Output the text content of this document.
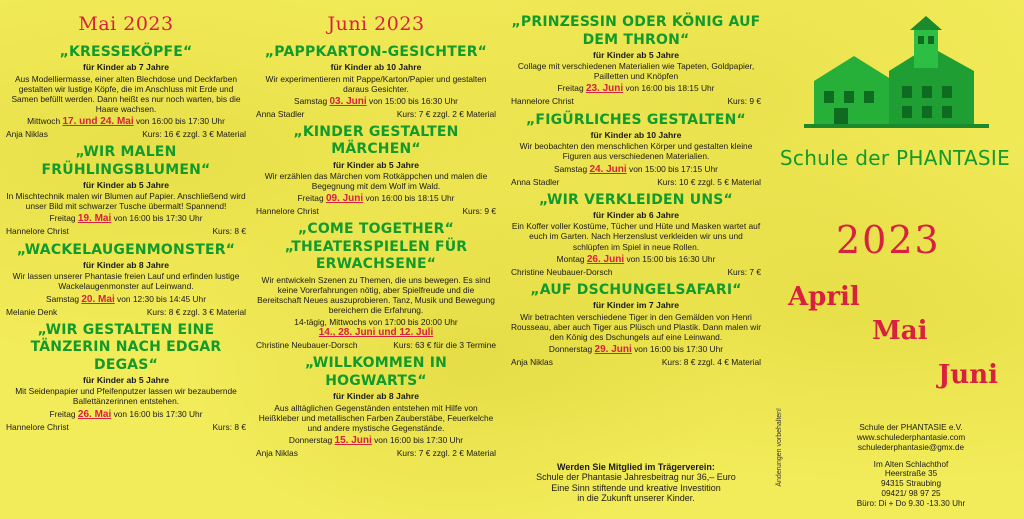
Mai 2023
„KRESSEKÖPFE“
für Kinder ab 7 Jahre
Aus Modelliermasse, einer alten Blechdose und Deckfarben gestalten wir lustige Köpfe, die im Anschluss mit Erde und Samen befüllt werden. Dann heißt es nur noch warten, bis die Haare wachsen.
Mittwoch 17. und 24. Mai von 16:00 bis 17:30 Uhr
Anja Niklas	Kurs: 16 € zzgl. 3 € Material
„WIR MALEN FRÜHLINGSBLUMEN“
für Kinder ab 5 Jahre
In Mischtechnik malen wir Blumen auf Papier. Anschließend wird unser Bild mit schwarzer Tusche übermalt! Spannend!
Freitag 19. Mai von 16:00 bis 17:30 Uhr
Hannelore Christ	Kurs: 8 €
„WACKELAUGENMONSTER“
für Kinder ab 8 Jahre
Wir lassen unserer Phantasie freien Lauf und erfinden lustige Wackelaugenmonster auf Leinwand.
Samstag 20. Mai von 12:30 bis 14:45 Uhr
Melanie Denk	Kurs: 8 € zzgl. 3 € Material
„WIR GESTALTEN EINE TÄNZERIN NACH EDGAR DEGAS“
für Kinder ab 5 Jahre
Mit Seidenpapier und Pfeifenputzer lassen wir bezaubernde Ballettänzerinnen entstehen.
Freitag 26. Mai von 16:00 bis 17:30 Uhr
Hannelore Christ	Kurs: 8 €
Juni 2023
„PAPPKARTON-GESICHTER“
für Kinder ab 10 Jahre
Wir experimentieren mit Pappe/Karton/Papier und gestalten daraus Gesichter.
Samstag 03. Juni von 15:00 bis 16:30 Uhr
Anna Stadler	Kurs: 7 € zzgl. 2 € Material
„KINDER GESTALTEN MÄRCHEN“
für Kinder ab 5 Jahre
Wir erzählen das Märchen vom Rotkäppchen und malen die Begegnung mit dem Wolf im Wald.
Freitag 09. Juni von 16:00 bis 18:15 Uhr
Hannelore Christ	Kurs: 9 €
„COME TOGETHER“ „THEATERSPIELEN FÜR ERWACHSENE“
Wir entwickeln Szenen zu Themen, die uns bewegen. Es sind keine Vorerfahrungen nötig, aber Spielfreude und die Bereitschaft Neues auszuprobieren. Tanz, Musik und Bewegung bereichern die Erfahrung.
14-tägig, Mittwochs von 17:00 bis 20:00 Uhr
14., 28. Juni und 12. Juli
Christine Neubauer-Dorsch	Kurs: 63 € für die 3 Termine
„WILLKOMMEN IN HOGWARTS“
für Kinder ab 8 Jahre
Aus alltäglichen Gegenständen entstehen mit Hilfe von Heißkleber und metallischen Farben Zauberstäbe, Feuerkelche und andere mystische Gegenstände.
Donnerstag 15. Juni von 16:00 bis 17:30 Uhr
Anja Niklas	Kurs: 7 € zzgl. 2 € Material
„PRINZESSIN ODER KÖNIG AUF DEM THRON“
für Kinder ab 5 Jahre
Collage mit verschiedenen Materialien wie Tapeten, Goldpapier, Pailletten und Knöpfen
Freitag 23. Juni von 16:00 bis 18:15 Uhr
Hannelore Christ	Kurs: 9 €
„FIGÜRLICHES GESTALTEN“
für Kinder ab 10 Jahre
Wir beobachten den menschlichen Körper und gestalten kleine Figuren aus verschiedenen Materialien.
Samstag 24. Juni von 15:00 bis 17:15 Uhr
Anna Stadler	Kurs: 10 € zzgl. 5 € Material
„WIR VERKLEIDEN UNS“
für Kinder ab 6 Jahre
Ein Koffer voller Kostüme, Tücher und Hüte und Masken wartet auf euch im Garten. Nach Herzenslust verkleiden wir uns und schlüpfen im Spiel in neue Rollen.
Montag 26. Juni von 15:00 bis 16:30 Uhr
Christine Neubauer-Dorsch	Kurs: 7 €
„AUF DSCHUNGELSAFARI“
für Kinder im 7 Jahre
Wir betrachten verschiedene Tiger in den Gemälden von Henri Rousseau, aber auch Tiger aus Plüsch und Plastik. Dann malen wir den König des Dschungels auf eine Leinwand.
Donnerstag 29. Juni von 16:00 bis 17:30 Uhr
Anja Niklas	Kurs: 8 € zzgl. 4 € Material
Werden Sie Mitglied im Trägerverein:
Schule der Phantasie Jahresbeitrag nur 36,– Euro
Eine Sinn stiftende und kreative Investition
in die Zukunft unserer Kinder.
Schule der PHANTASIE
2023
April
Mai
Juni
Änderungen vorbehalten!	Schule der PHANTASIE e.V.
www.schulederphantasie.com
schulederphantasie@gmx.de
Im Alten Schlachthof
Heerstraße 35
94315 Straubing
09421/ 98 97 25
Büro: Di + Do 9.30 -13.30 Uhr
